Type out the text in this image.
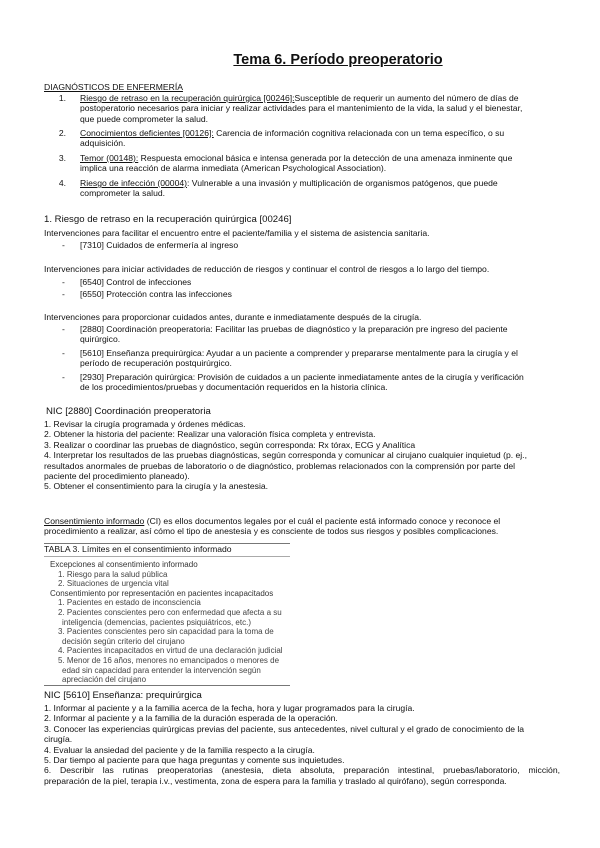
Tema 6. Período preoperatorio
DIAGNÓSTICOS DE ENFERMERÍA
1.	Riesgo de retraso en la recuperación quirúrgica [00246]:Susceptible de requerir un aumento del número de días de
postoperatorio necesarios para iniciar y realizar actividades para el mantenimiento de la vida, la salud y el bienestar,
que puede comprometer la salud.
2.	Conocimientos deficientes [00126]: Carencia de información cognitiva relacionada con un tema específico, o su
adquisición.
3.	Temor (00148): Respuesta emocional básica e intensa generada por la detección de una amenaza inminente que
implica una reacción de alarma inmediata (American Psychological Association).
4.	Riesgo de infección (00004): Vulnerable a una invasión y multiplicación de organismos patógenos, que puede
comprometer la salud.
1. Riesgo de retraso en la recuperación quirúrgica [00246]
Intervenciones para facilitar el encuentro entre el paciente/familia y el sistema de asistencia sanitaria.
- [7310] Cuidados de enfermería al ingreso
Intervenciones para iniciar actividades de reducción de riesgos y continuar el control de riesgos a lo largo del tiempo.
- [6540] Control de infecciones
- [6550] Protección contra las infecciones
Intervenciones para proporcionar cuidados antes, durante e inmediatamente después de la cirugía.
-	[2880] Coordinación preoperatoria: Facilitar las pruebas de diagnóstico y la preparación pre ingreso del paciente
quirúrgico.
-	[5610] Enseñanza prequirúrgica: Ayudar a un paciente a comprender y prepararse mentalmente para la cirugía y el
período de recuperación postquirúrgico.
-	[2930] Preparación quirúrgica: Provisión de cuidados a un paciente inmediatamente antes de la cirugía y verificación
de los procedimientos/pruebas y documentación requeridos en la historia clínica.
NIC [2880] Coordinación preoperatoria
1. Revisar la cirugía programada y órdenes médicas.
2. Obtener la historia del paciente: Realizar una valoración física completa y entrevista.
3. Realizar o coordinar las pruebas de diagnóstico, según corresponda: Rx tórax, ECG y Analítica
4. Interpretar los resultados de las pruebas diagnósticas, según corresponda y comunicar al cirujano cualquier inquietud (p. ej.,
resultados anormales de pruebas de laboratorio o de diagnóstico, problemas relacionados con la comprensión por parte del
paciente del procedimiento planeado).
5. Obtener el consentimiento para la cirugía y la anestesia.
Consentimiento informado (CI) es ellos documentos legales por el cuál el paciente está informado conoce y reconoce el
procedimiento a realizar, así cómo el tipo de anestesia y es consciente de todos sus riesgos y posibles complicaciones.
TABLA 3. Límites en el consentimiento informado
Excepciones al consentimiento informado
1. Riesgo para la salud pública
2. Situaciones de urgencia vital
Consentimiento por representación en pacientes incapacitados
1. Pacientes en estado de inconsciencia
2. Pacientes conscientes pero con enfermedad que afecta a su
inteligencia (demencias, pacientes psiquiátricos, etc.)
3. Pacientes conscientes pero sin capacidad para la toma de
decisión según criterio del cirujano
4. Pacientes incapacitados en virtud de una declaración judicial
5. Menor de 16 años, menores no emancipados o menores de
edad sin capacidad para entender la intervención según
apreciación del cirujano
NIC [5610] Enseñanza: prequirúrgica
1. Informar al paciente y a la familia acerca de la fecha, hora y lugar programados para la cirugía.
2. Informar al paciente y a la familia de la duración esperada de la operación.
3. Conocer las experiencias quirúrgicas previas del paciente, sus antecedentes, nivel cultural y el grado de conocimiento de la
cirugía.
4. Evaluar la ansiedad del paciente y de la familia respecto a la cirugía.
5. Dar tiempo al paciente para que haga preguntas y comente sus inquietudes.
6. Describir las rutinas preoperatorias (anestesia, dieta absoluta, preparación intestinal, pruebas/laboratorio, micción,
preparación de la piel, terapia i.v., vestimenta, zona de espera para la familia y traslado al quirófano), según corresponda.
